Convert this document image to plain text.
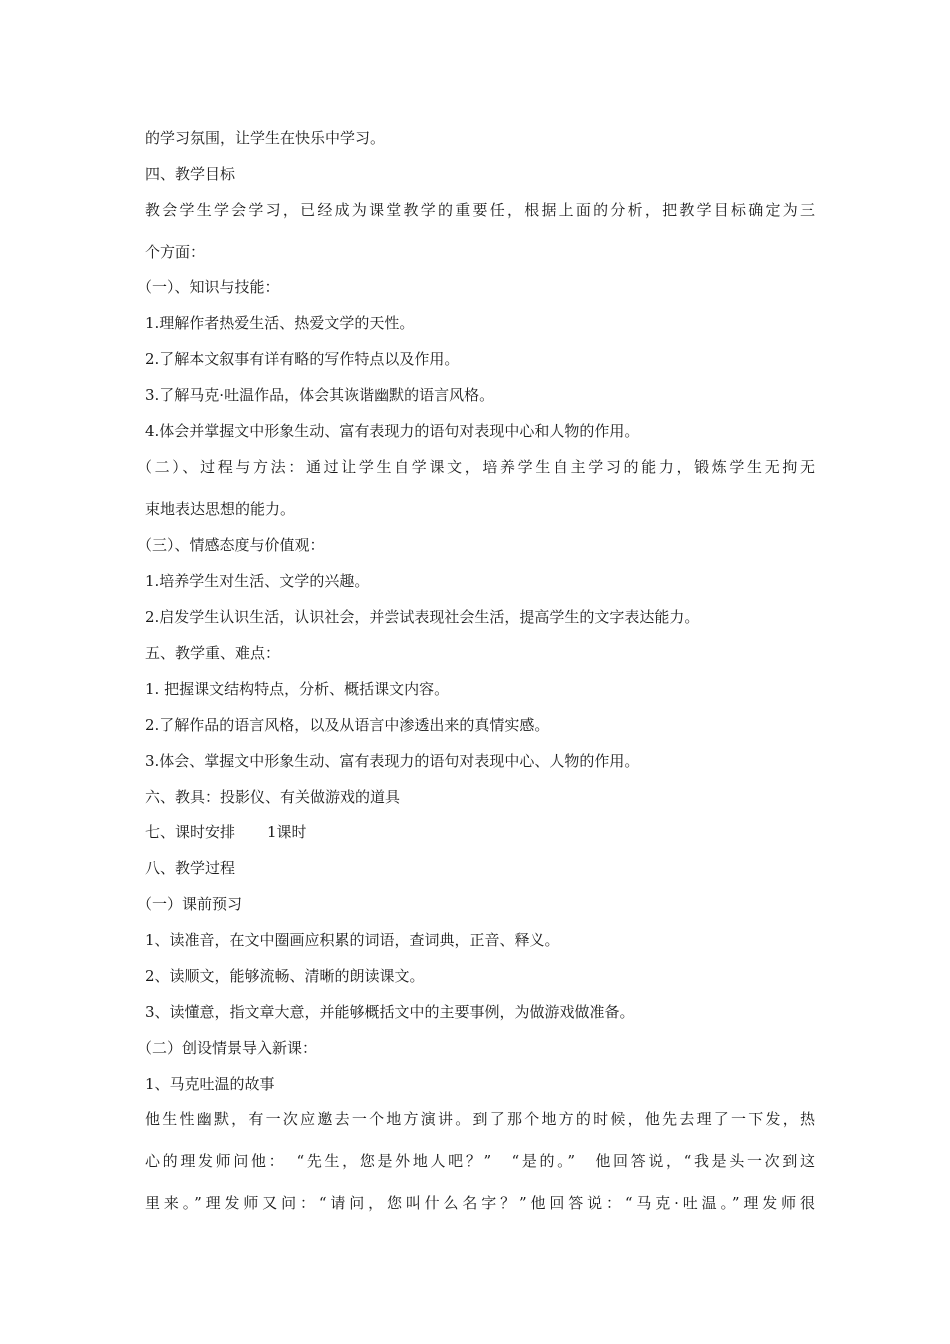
的学习氛围，让学生在快乐中学习。

四、教学目标

教会学生学会学习，已经成为课堂教学的重要任，根据上面的分析，把教学目标确定为三

个方面：

（一）、知识与技能：

1.理解作者热爱生活、热爱文学的天性。

2.了解本文叙事有详有略的写作特点以及作用。

3.了解马克·吐温作品，体会其诙谐幽默的语言风格。

4.体会并掌握文中形象生动、富有表现力的语句对表现中心和人物的作用。

（二）、过程与方法：通过让学生自学课文，培养学生自主学习的能力，锻炼学生无拘无

束地表达思想的能力。

（三）、情感态度与价值观：

1.培养学生对生活、文学的兴趣。

2.启发学生认识生活，认识社会，并尝试表现社会生活，提高学生的文字表达能力。

五、教学重、难点：

1. 把握课文结构特点，分析、概括课文内容。

2.了解作品的语言风格，以及从语言中渗透出来的真情实感。

3.体会、掌握文中形象生动、富有表现力的语句对表现中心、人物的作用。

六、教具：投影仪、有关做游戏的道具

七、课时安排 1课时

八、教学过程

（一）课前预习

1、读准音，在文中圈画应积累的词语，查词典，正音、释义。

2、读顺文，能够流畅、清晰的朗读课文。

3、读懂意，指文章大意，并能够概括文中的主要事例，为做游戏做准备。

（二）创设情景导入新课：

1、马克吐温的故事

他生性幽默，有一次应邀去一个地方演讲。到了那个地方的时候，他先去理了一下发，热

心的理发师问他：　“先生，您是外地人吧？”　“是的。”　他回答说，“我是头一次到这

里来。”理发师又问：“请问，您叫什么名字？”他回答说：“马克·吐温。”理发师很
